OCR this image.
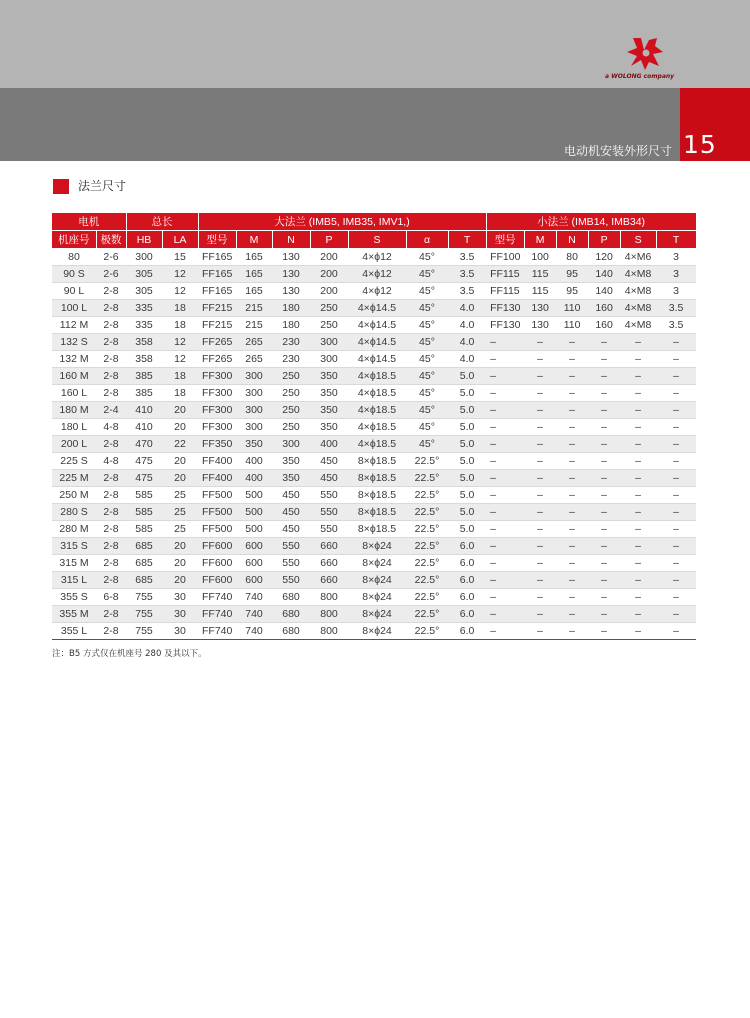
15
电动机安装外形尺寸
a WOLONG company
法兰尺寸
电机		总长		大法兰 (IMB5, IMB35, IMV1,)							小法兰 (IMB14, IMB34)					
机座号	极数	HB	LA	型号	M	N	P	S	α	T	型号	M	N	P	S	T
80	2-6	300	15	FF165	165	130	200	4×ϕ12	45°	3.5	FF100	100	80	120	4×M6	3
90 S	2-6	305	12	FF165	165	130	200	4×ϕ12	45°	3.5	FF115	115	95	140	4×M8	3
90 L	2-8	305	12	FF165	165	130	200	4×ϕ12	45°	3.5	FF115	115	95	140	4×M8	3
100 L	2-8	335	18	FF215	215	180	250	4×ϕ14.5	45°	4.0	FF130	130	110	160	4×M8	3.5
112 M	2-8	335	18	FF215	215	180	250	4×ϕ14.5	45°	4.0	FF130	130	110	160	4×M8	3.5
132 S	2-8	358	12	FF265	265	230	300	4×ϕ14.5	45°	4.0	–	–	–	–	–	–
132 M	2-8	358	12	FF265	265	230	300	4×ϕ14.5	45°	4.0	–	–	–	–	–	–
160 M	2-8	385	18	FF300	300	250	350	4×ϕ18.5	45°	5.0	–	–	–	–	–	–
160 L	2-8	385	18	FF300	300	250	350	4×ϕ18.5	45°	5.0	–	–	–	–	–	–
180 M	2-4	410	20	FF300	300	250	350	4×ϕ18.5	45°	5.0	–	–	–	–	–	–
180 L	4-8	410	20	FF300	300	250	350	4×ϕ18.5	45°	5.0	–	–	–	–	–	–
200 L	2-8	470	22	FF350	350	300	400	4×ϕ18.5	45°	5.0	–	–	–	–	–	–
225 S	4-8	475	20	FF400	400	350	450	8×ϕ18.5	22.5°	5.0	–	–	–	–	–	–
225 M	2-8	475	20	FF400	400	350	450	8×ϕ18.5	22.5°	5.0	–	–	–	–	–	–
250 M	2-8	585	25	FF500	500	450	550	8×ϕ18.5	22.5°	5.0	–	–	–	–	–	–
280 S	2-8	585	25	FF500	500	450	550	8×ϕ18.5	22.5°	5.0	–	–	–	–	–	–
280 M	2-8	585	25	FF500	500	450	550	8×ϕ18.5	22.5°	5.0	–	–	–	–	–	–
315 S	2-8	685	20	FF600	600	550	660	8×ϕ24	22.5°	6.0	–	–	–	–	–	–
315 M	2-8	685	20	FF600	600	550	660	8×ϕ24	22.5°	6.0	–	–	–	–	–	–
315 L	2-8	685	20	FF600	600	550	660	8×ϕ24	22.5°	6.0	–	–	–	–	–	–
355 S	6-8	755	30	FF740	740	680	800	8×ϕ24	22.5°	6.0	–	–	–	–	–	–
355 M	2-8	755	30	FF740	740	680	800	8×ϕ24	22.5°	6.0	–	–	–	–	–	–
355 L	2-8	755	30	FF740	740	680	800	8×ϕ24	22.5°	6.0	–	–	–	–	–	–
注：B5 方式仅在机座号 280 及其以下。
